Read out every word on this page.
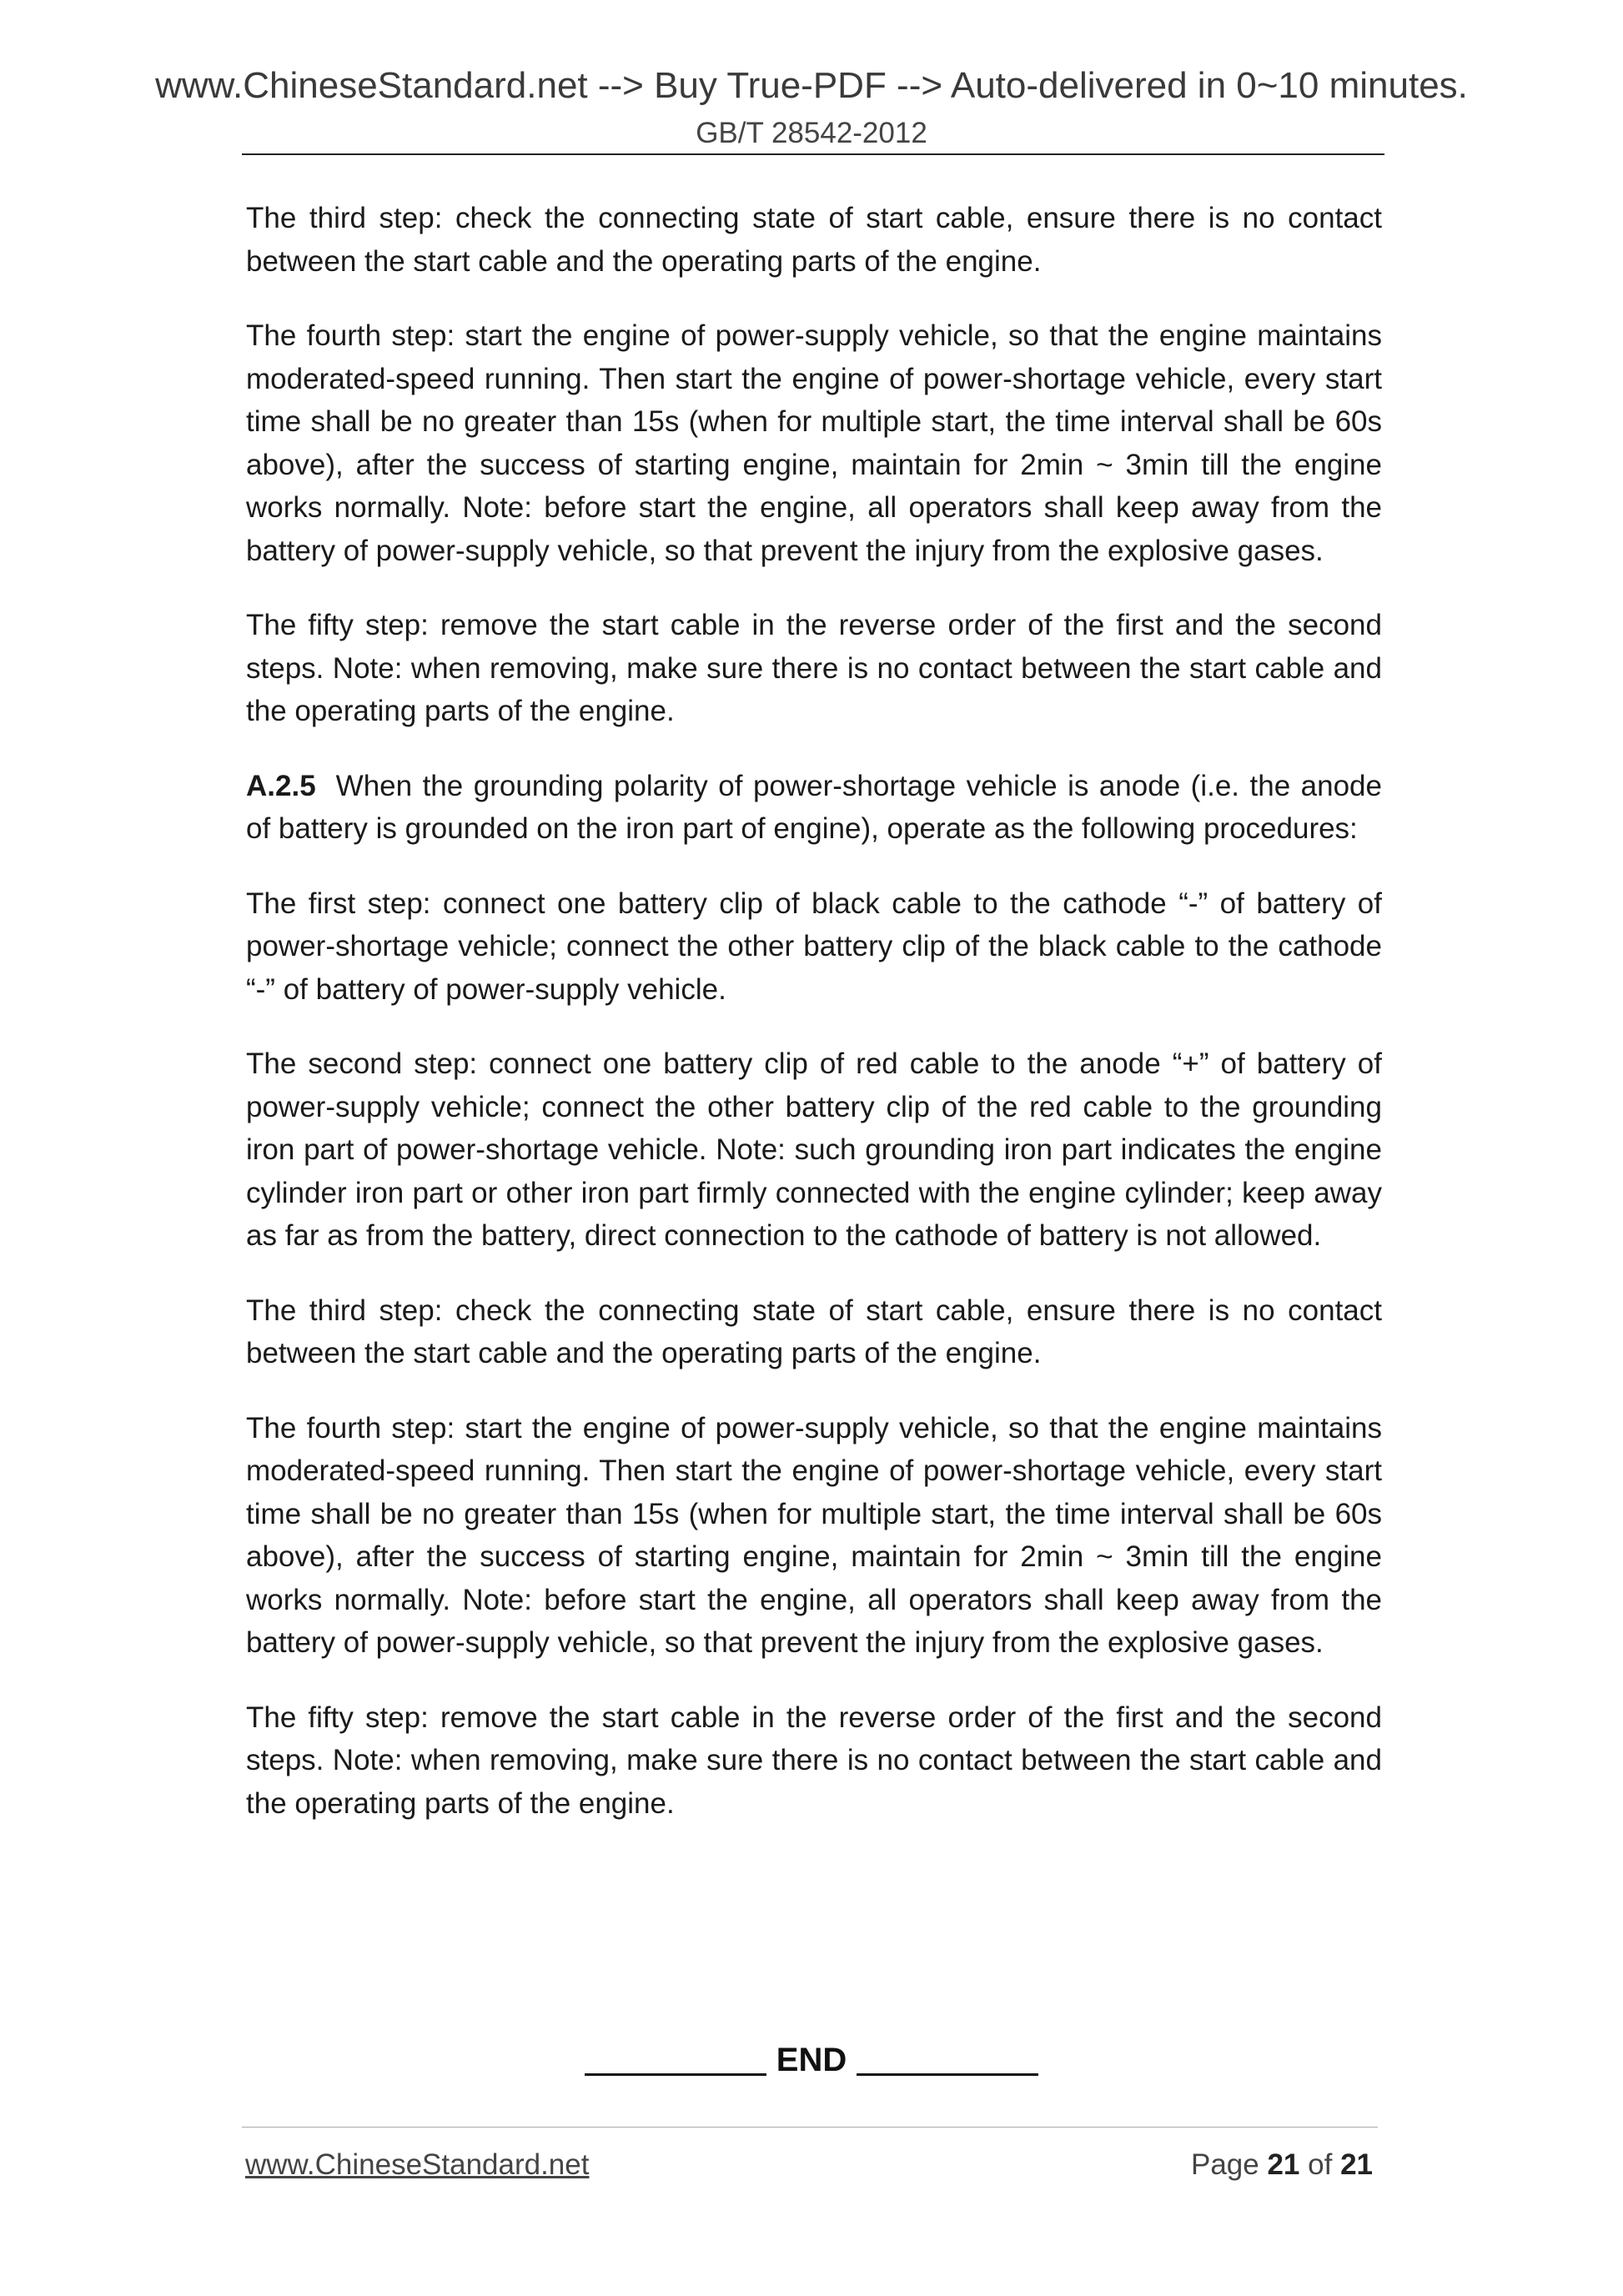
www.ChineseStandard.net --> Buy True-PDF --> Auto-delivered in 0~10 minutes.
GB/T 28542-2012

The third step: check the connecting state of start cable, ensure there is no contact between the start cable and the operating parts of the engine.

The fourth step: start the engine of power-supply vehicle, so that the engine maintains moderated-speed running. Then start the engine of power-shortage vehicle, every start time shall be no greater than 15s (when for multiple start, the time interval shall be 60s above), after the success of starting engine, maintain for 2min ~ 3min till the engine works normally. Note: before start the engine, all operators shall keep away from the battery of power-supply vehicle, so that prevent the injury from the explosive gases.

The fifty step: remove the start cable in the reverse order of the first and the second steps. Note: when removing, make sure there is no contact between the start cable and the operating parts of the engine.

A.2.5 When the grounding polarity of power-shortage vehicle is anode (i.e. the anode of battery is grounded on the iron part of engine), operate as the following procedures:

The first step: connect one battery clip of black cable to the cathode “-” of battery of power-shortage vehicle; connect the other battery clip of the black cable to the cathode “-” of battery of power-supply vehicle.

The second step: connect one battery clip of red cable to the anode “+” of battery of power-supply vehicle; connect the other battery clip of the red cable to the grounding iron part of power-shortage vehicle. Note: such grounding iron part indicates the engine cylinder iron part or other iron part firmly connected with the engine cylinder; keep away as far as from the battery, direct connection to the cathode of battery is not allowed.

The third step: check the connecting state of start cable, ensure there is no contact between the start cable and the operating parts of the engine.

The fourth step: start the engine of power-supply vehicle, so that the engine maintains moderated-speed running. Then start the engine of power-shortage vehicle, every start time shall be no greater than 15s (when for multiple start, the time interval shall be 60s above), after the success of starting engine, maintain for 2min ~ 3min till the engine works normally. Note: before start the engine, all operators shall keep away from the battery of power-supply vehicle, so that prevent the injury from the explosive gases.

The fifty step: remove the start cable in the reverse order of the first and the second steps. Note: when removing, make sure there is no contact between the start cable and the operating parts of the engine.

END
www.ChineseStandard.net	Page 21 of 21
